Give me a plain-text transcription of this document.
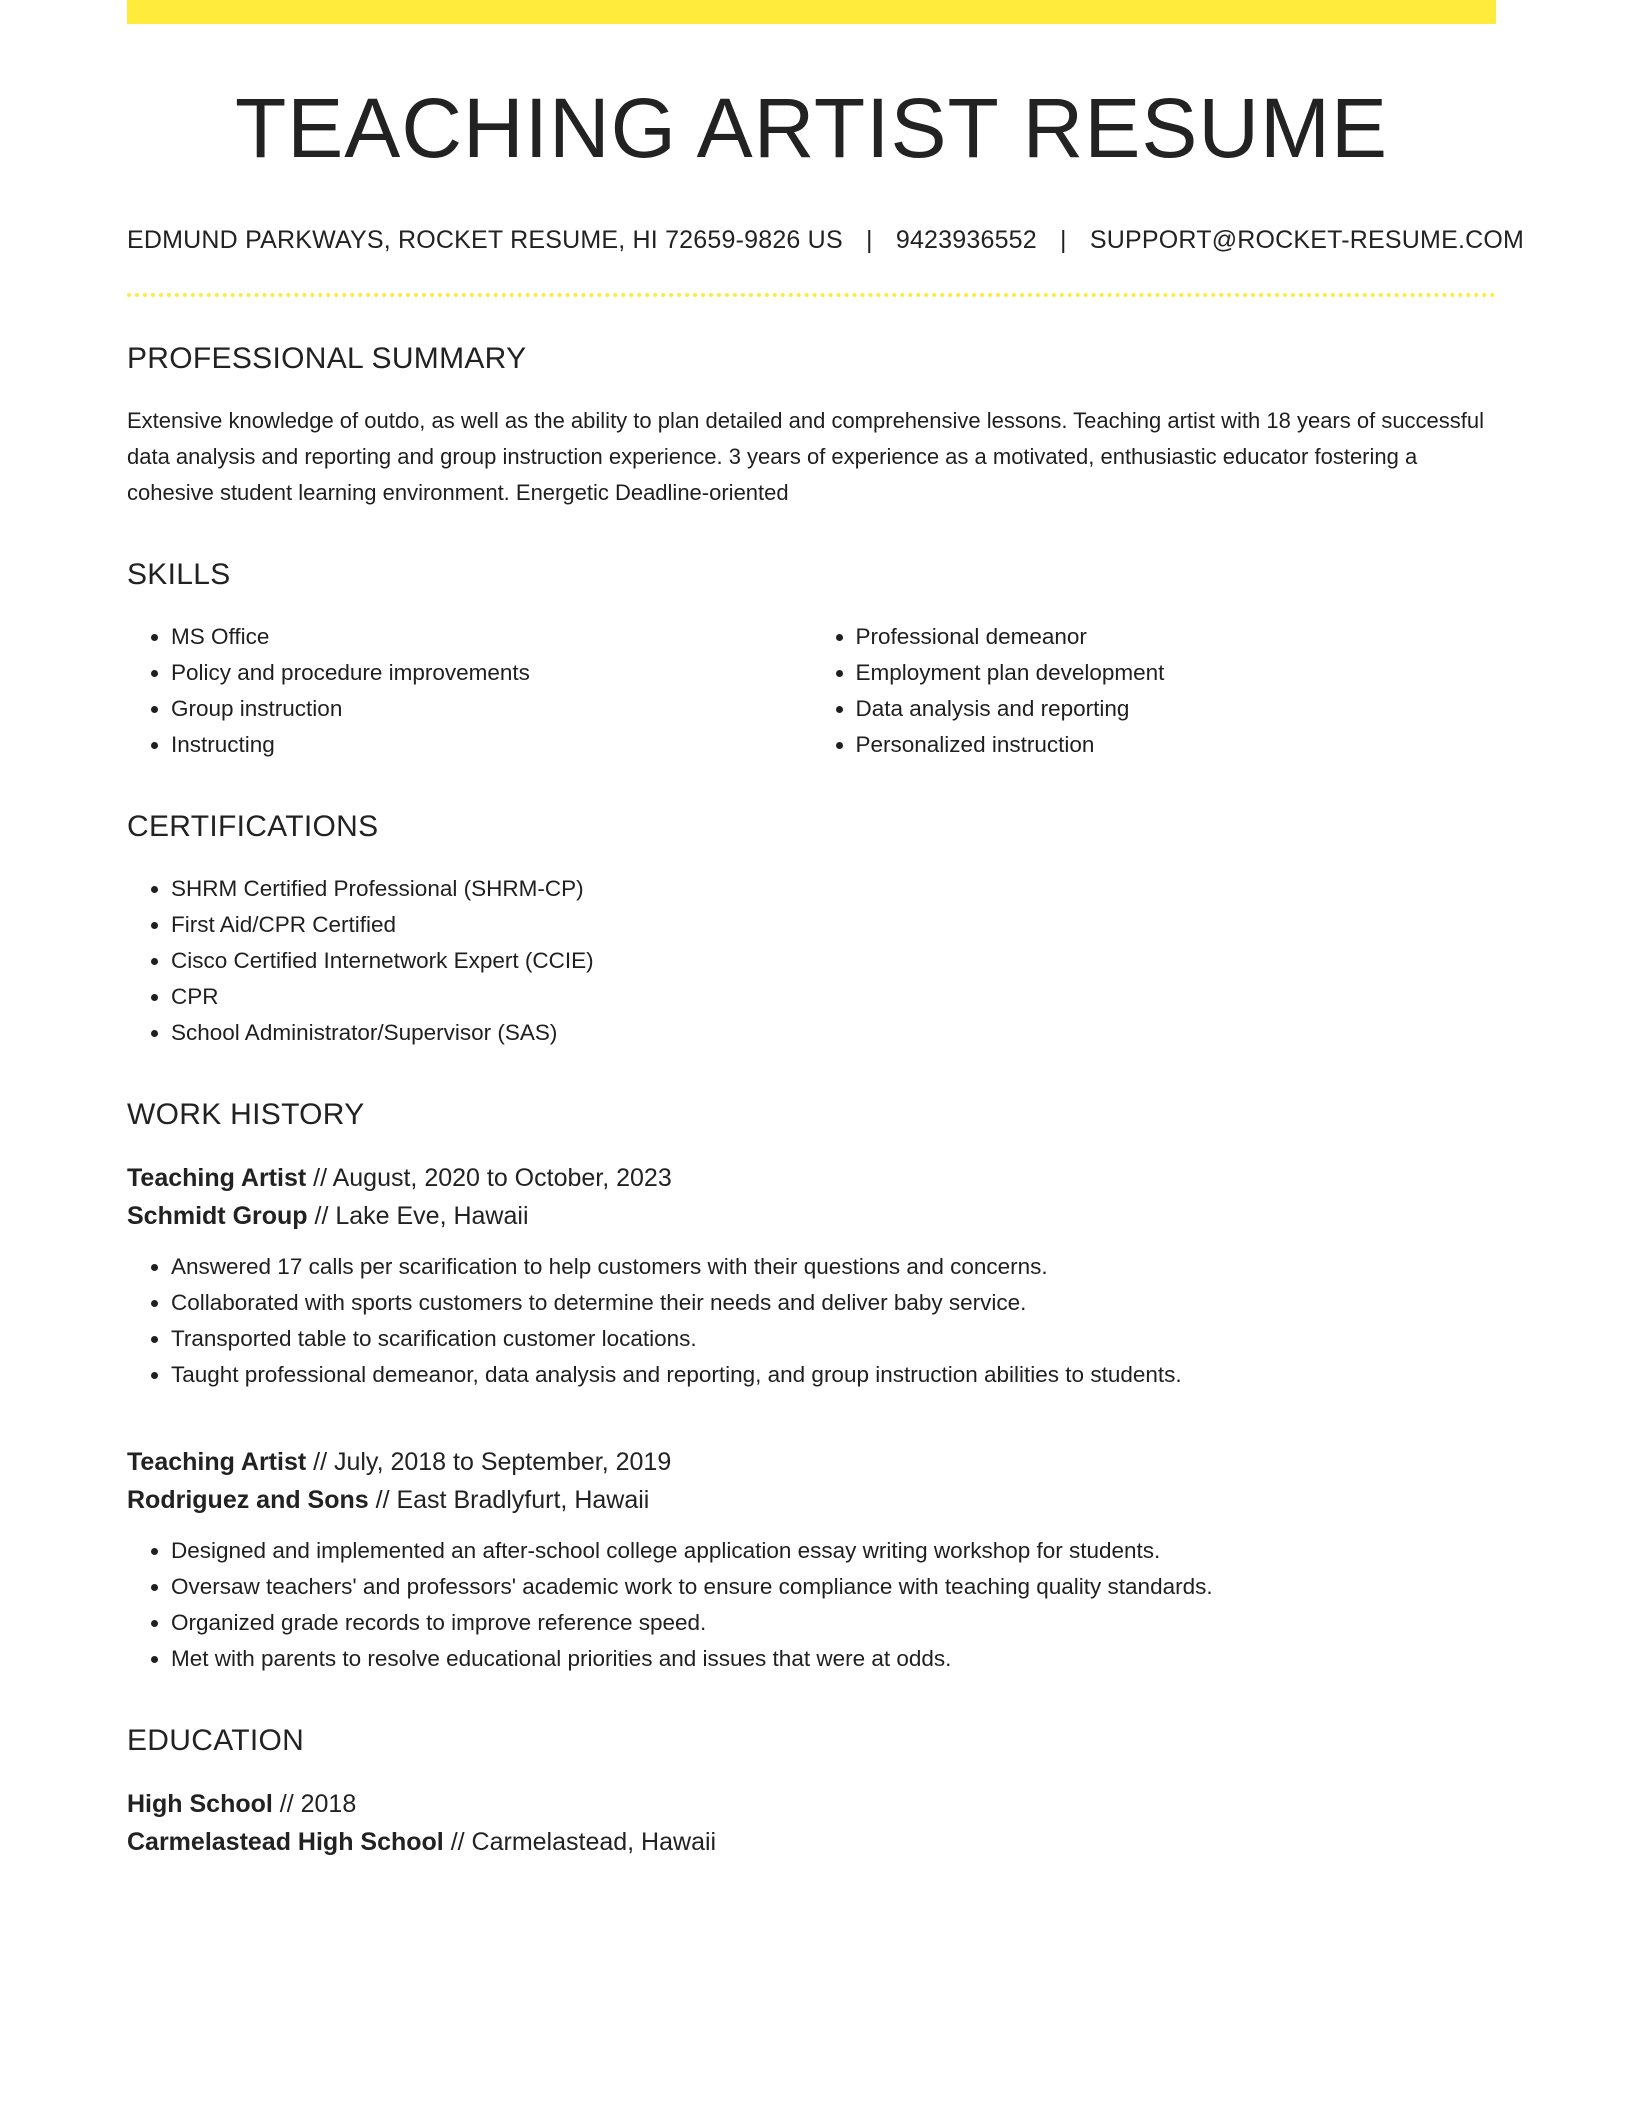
TEACHING ARTIST RESUME
EDMUND PARKWAYS, ROCKET RESUME, HI 72659-9826 US | 9423936552 | SUPPORT@ROCKET-RESUME.COM
PROFESSIONAL SUMMARY

Extensive knowledge of outdo, as well as the ability to plan detailed and comprehensive lessons. Teaching artist with 18 years of successful data analysis and reporting and group instruction experience. 3 years of experience as a motivated, enthusiastic educator fostering a cohesive student learning environment. Energetic Deadline-oriented

SKILLS
• MS Office
• Policy and procedure improvements
• Group instruction
• Instructing
• Professional demeanor
• Employment plan development
• Data analysis and reporting
• Personalized instruction
CERTIFICATIONS
• SHRM Certified Professional (SHRM-CP)
• First Aid/CPR Certified
• Cisco Certified Internetwork Expert (CCIE)
• CPR
• School Administrator/Supervisor (SAS)
WORK HISTORY
Teaching Artist // August, 2020 to October, 2023
Schmidt Group // Lake Eve, Hawaii
• Answered 17 calls per scarification to help customers with their questions and concerns.
• Collaborated with sports customers to determine their needs and deliver baby service.
• Transported table to scarification customer locations.
• Taught professional demeanor, data analysis and reporting, and group instruction abilities to students.
Teaching Artist // July, 2018 to September, 2019
Rodriguez and Sons // East Bradlyfurt, Hawaii
• Designed and implemented an after-school college application essay writing workshop for students.
• Oversaw teachers' and professors' academic work to ensure compliance with teaching quality standards.
• Organized grade records to improve reference speed.
• Met with parents to resolve educational priorities and issues that were at odds.
EDUCATION
High School // 2018
Carmelastead High School // Carmelastead, Hawaii
